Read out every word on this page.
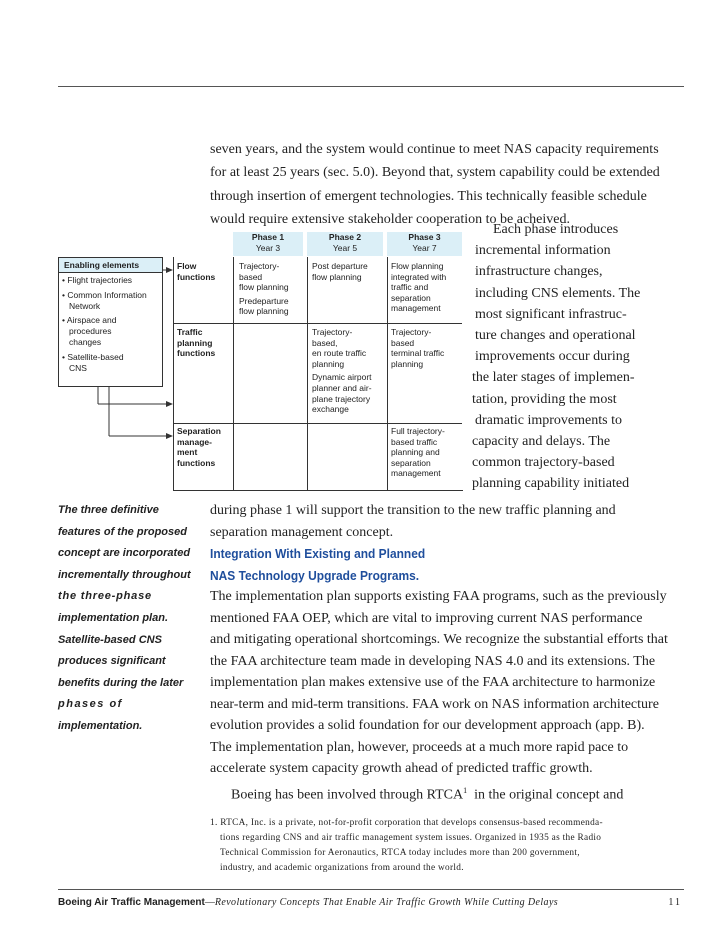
seven years, and the system would continue to meet NAS capacity requirements
for at least 25 years (sec. 5.0). Beyond that, system capability could be extended
through insertion of emergent technologies. This technically feasible schedule
would require extensive stakeholder cooperation to be acheived.
Each phase introduces
incremental information
infrastructure changes,
including CNS elements. The
most significant infrastruc-
ture changes and operational
improvements occur during
the later stages of implemen-
tation, providing the most
dramatic improvements to
capacity and delays. The
common trajectory-based
planning capability initiated
Phase 1
Year 3
Phase 2
Year 5
Phase 3
Year 7
Enabling elements
• Flight trajectories
• Common Information
Network
• Airspace and
procedures
changes
• Satellite-based
CNS
Flow
functions
Traffic
planning
functions
Separation
manage-
ment
functions
Trajectory-
based
flow planning
Predeparture
flow planning
Post departure
flow planning
Flow planning
integrated with
traffic and
separation
management
Trajectory-
based,
en route traffic
planning
Dynamic airport
planner and air-
plane trajectory
exchange
Trajectory-
based
terminal traffic
planning
Full trajectory-
based traffic
planning and
separation
management
The three definitive
features of the proposed
concept are incorporated
incrementally throughout
the three-phase
implementation plan.
Satellite-based CNS
produces significant
benefits during the later
phases of
implementation.
during phase 1 will support the transition to the new traffic planning and
separation management concept.
Integration With Existing and Planned
NAS Technology Upgrade Programs.
The implementation plan supports existing FAA programs, such as the previously
mentioned FAA OEP, which are vital to improving current NAS performance
and mitigating operational shortcomings. We recognize the substantial efforts that
the FAA architecture team made in developing NAS 4.0 and its extensions. The
implementation plan makes extensive use of the FAA architecture to harmonize
near-term and mid-term transitions. FAA work on NAS information architecture
evolution provides a solid foundation for our development approach (app. B).
The implementation plan, however, proceeds at a much more rapid pace to
accelerate system capacity growth ahead of predicted traffic growth.
Boeing has been involved through RTCA$^1$  in the original concept and
1. RTCA, Inc. is a private, not-for-profit corporation that develops consensus-based recommenda-
tions regarding CNS and air traffic management system issues. Organized in 1935 as the Radio
Technical Commission for Aeronautics, RTCA today includes more than 200 government,
industry, and academic organizations from around the world.
Boeing Air Traffic Management—Revolutionary Concepts That Enable Air Traffic Growth While Cutting Delays	11
